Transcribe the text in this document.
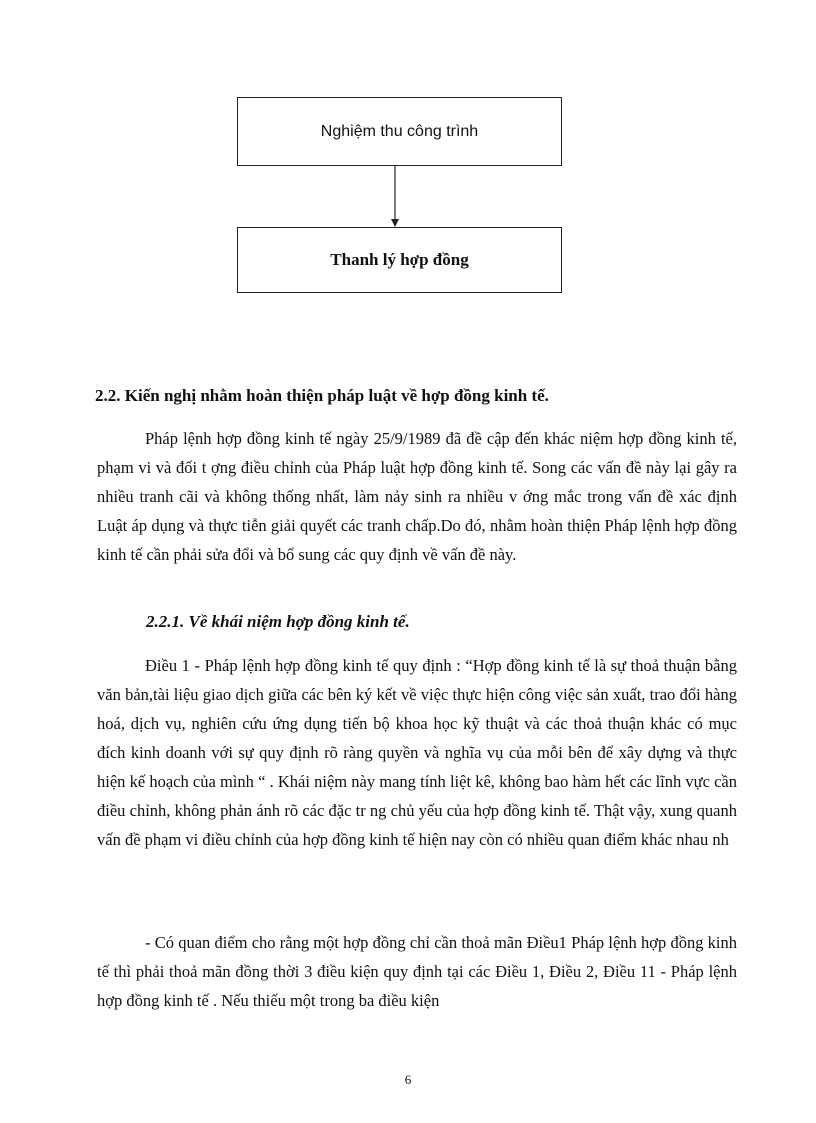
Nghiệm thu công trình
Thanh lý hợp đồng
2.2. Kiến nghị nhằm hoàn thiện pháp luật về hợp đồng kinh tế.

Pháp lệnh hợp đồng kinh tế ngày 25/9/1989 đã đề cập đến khác niệm hợp đồng kinh tế, phạm vi và đối t ợng điều chỉnh của Pháp luật hợp đồng kinh tế. Song các vấn đề này lại gây ra nhiều tranh cãi và không thống nhất, làm nảy sinh ra nhiều v ớng mắc trong vấn đề xác định Luật áp dụng và thực tiễn giải quyết các tranh chấp.Do đó, nhằm hoàn thiện Pháp lệnh hợp đồng kinh tế cần phải sửa đổi và bổ sung các quy định về vấn đề này.

2.2.1. Về khái niệm hợp đồng kinh tế.

Điều 1 - Pháp lệnh hợp đồng kinh tế quy định : “Hợp đồng kinh tế là sự thoả thuận bằng văn bản,tài liệu giao dịch giữa các bên ký kết về việc thực hiện công việc sản xuất, trao đổi hàng hoá, dịch vụ, nghiên cứu ứng dụng tiến bộ khoa học kỹ thuật và các thoả thuận khác có mục đích kinh doanh với sự quy định rõ ràng quyền và nghĩa vụ của mỗi bên để xây dựng và thực hiện kế hoạch của mình “ . Khái niệm này mang tính liệt kê, không bao hàm hết các lĩnh vực cần điều chỉnh, không phản ánh rõ các đặc tr ng chủ yếu của hợp đồng kinh tế. Thật vậy, xung quanh vấn đề phạm vi điều chỉnh của hợp đồng kinh tế hiện nay còn có nhiều quan điểm khác nhau nh

- Có quan điểm cho rằng một hợp đồng chỉ cần thoả mãn Điều1 Pháp lệnh hợp đồng kinh tế thì phải thoả mãn đồng thời 3 điều kiện quy định tại các Điều 1, Điều 2, Điều 11 - Pháp lệnh hợp đồng kinh tế . Nếu thiếu một trong ba điều kiện

6
